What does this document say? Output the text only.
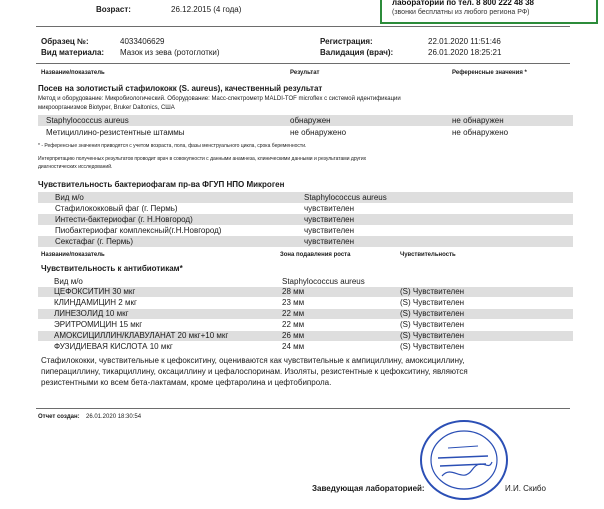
лаборатории по тел. 8 800 222 48 38
(звонки бесплатны из любого региона РФ)
Возраст:	26.12.2015 (4 года)
Образец №:	4033406629
Вид материала: Мазок из зева (ротоглотки)
Регистрация:	22.01.2020 11:51:46
Валидация (врач):	26.01.2020 18:25:21
Название/показатель	Результат	Референсные значения *
Посев на золотистый стафилококк (S. aureus), качественный результат
Метод и оборудование: Микробиологический. Оборудование: Масс-спектрометр MALDI-TOF microflex с системой идентификации
микроорганизмов Biotyper, Bruker Daltonics, США
Staphylococcus aureus	обнаружен	не обнаружен
Метициллино-резистентные штаммы	не обнаружено	не обнаружено
* - Референсные значения приводятся с учетом возраста, пола, фазы менструального цикла, срока беременности.
Интерпретацию полученных результатов проводит врач в совокупности с данными анамнеза, клиническими данными и результатами других
диагностических исследований.
Чувствительность бактериофагам пр-ва ФГУП НПО Микроген
Вид м/о	Staphylococcus aureus
Стафилококковый фаг (г. Пермь)	чувствителен
Интести-бактериофаг (г. Н.Новгород)	чувствителен
Пиобактериофаг комплексный(г.Н.Новгород)	чувствителен
Секстафаг (г. Пермь)	чувствителен
Название/показатель	Зона подавления роста	Чувствительность
Чувствительность к антибиотикам*
Вид м/о	Staphylococcus aureus
ЦЕФОКСИТИН 30 мкг	28 мм	(S) Чувствителен
КЛИНДАМИЦИН 2 мкг	23 мм	(S) Чувствителен
ЛИНЕЗОЛИД 10 мкг	22 мм	(S) Чувствителен
ЭРИТРОМИЦИН 15 мкг	22 мм	(S) Чувствителен
АМОКСИЦИЛЛИН/КЛАВУЛАНАТ 20 мкг+10 мкг	26 мм	(S) Чувствителен
ФУЗИДИЕВАЯ КИСЛОТА 10 мкг	24 мм	(S) Чувствителен
Стафилококки, чувствительные к цефокситину, оцениваются как чувствительные к ампициллину, амоксициллину,
пиперациллину, тикарциллину, оксациллину и цефалоспоринам. Изоляты, резистентные к цефокситину, являются
резистентными ко всем бета-лактамам, кроме цефтаролина и цефтобипрола.
Отчет создан: 26.01.2020 18:30:54
Заведующая лабораторией:	И.И. Скибо
